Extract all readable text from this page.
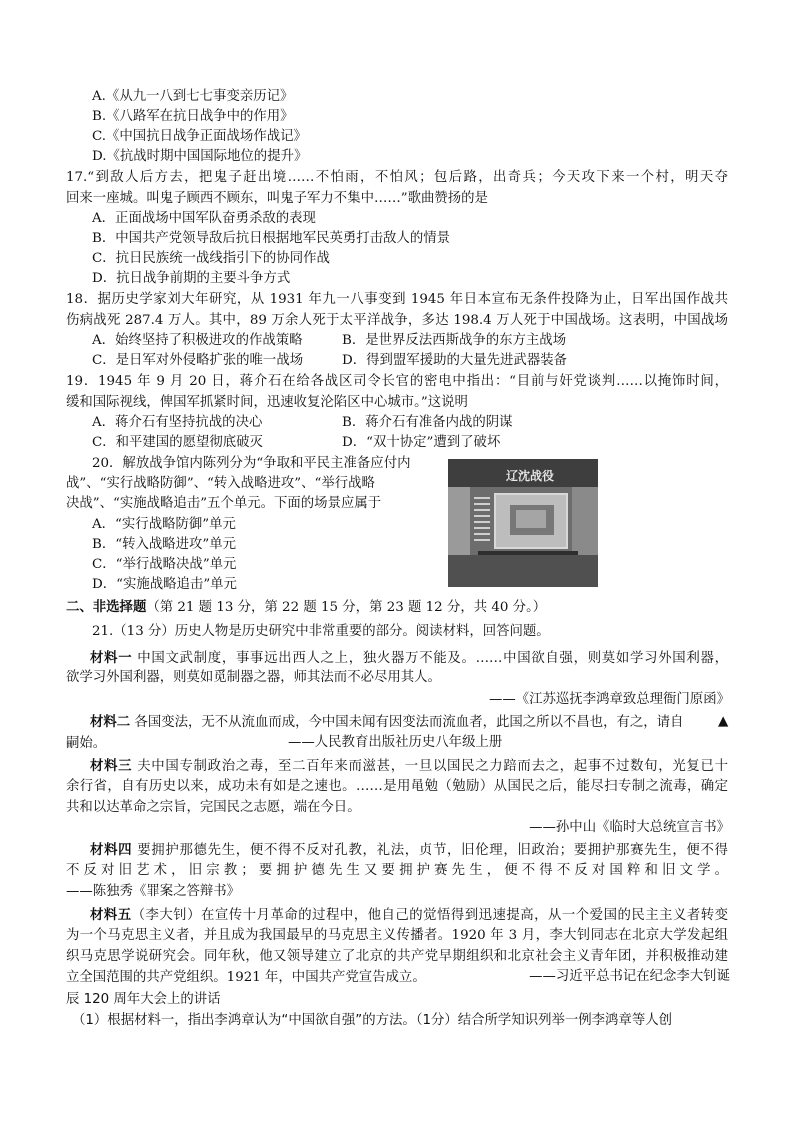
A.《从九一八到七七事变亲历记》
B.《八路军在抗日战争中的作用》
C.《中国抗日战争正面战场作战记》
D.《抗战时期中国国际地位的提升》
17.“到敌人后方去，把鬼子赶出境……不怕雨，不怕风；包后路，出奇兵；今天攻下来一个村，明天夺
回来一座城。叫鬼子顾西不顾东，叫鬼子军力不集中……”歌曲赞扬的是
A．正面战场中国军队奋勇杀敌的表现
B．中国共产党领导敌后抗日根据地军民英勇打击敌人的情景
C．抗日民族统一战线指引下的协同作战
D．抗日战争前期的主要斗争方式
18．据历史学家刘大年研究，从 1931 年九一八事变到 1945 年日本宣布无条件投降为止，日军出国作战共
伤病战死 287.4 万人。其中，89 万余人死于太平洋战争，多达 198.4 万人死于中国战场。这表明，中国战场
A．始终坚持了积极进攻的作战策略	B．是世界反法西斯战争的东方主战场
C．是日军对外侵略扩张的唯一战场	D．得到盟军援助的大量先进武器装备
19．1945 年 9 月 20 日，蒋介石在给各战区司令长官的密电中指出：“目前与奸党谈判……以掩饰时间，
缓和国际视线，俾国军抓紧时间，迅速收复沦陷区中心城市。”这说明
A．蒋介石有坚持抗战的决心	B．蒋介石有准备内战的阴谋
C．和平建国的愿望彻底破灭	D．“双十协定”遭到了破坏
20．解放战争馆内陈列分为“争取和平民主准备应付内
战”、“实行战略防御”、“转入战略进攻”、“举行战略
决战”、“实施战略追击”五个单元。下面的场景应属于
A．“实行战略防御”单元
B．“转入战略进攻”单元
C．“举行战略决战”单元
D．“实施战略追击”单元
辽沈战役
二、非选择题（第 21 题 13 分，第 22 题 15 分，第 23 题 12 分，共 40 分。）
21.（13 分）历史人物是历史研究中非常重要的部分。阅读材料，回答问题。
材料一 中国文武制度，事事远出西人之上，独火器万不能及。……中国欲自强，则莫如学习外国利器，
欲学习外国利器，则莫如觅制器之器，师其法而不必尽用其人。
——《江苏巡抚李鸿章致总理衙门原函》
材料二 各国变法，无不从流血而成，今中国未闻有因变法而流血者，此国之所以不昌也，有之，请自	▲
嗣始。	——人民教育出版社历史八年级上册
材料三 夫中国专制政治之毒，至二百年来而滋甚，一旦以国民之力踣而去之，起事不过数旬，光复已十
余行省，自有历史以来，成功未有如是之速也。……是用黾勉（勉励）从国民之后，能尽扫专制之流毒，确定
共和以达革命之宗旨，完国民之志愿，端在今日。
——孙中山《临时大总统宣言书》
材料四 要拥护那德先生，便不得不反对孔教，礼法，贞节，旧伦理，旧政治；要拥护那赛先生，便不得
不反对旧艺术，旧宗教；要拥护德先生又要拥护赛先生，便不得不反对国粹和旧文学。
——陈独秀《罪案之答辩书》
材料五（李大钊）在宣传十月革命的过程中，他自己的觉悟得到迅速提高，从一个爱国的民主主义者转变
为一个马克思主义者，并且成为我国最早的马克思主义传播者。1920 年 3 月，李大钊同志在北京大学发起组
织马克思学说研究会。同年秋，他又领导建立了北京的共产党早期组织和北京社会主义青年团，并积极推动建
立全国范围的共产党组织。1921 年，中国共产党宣告成立。	——习近平总书记在纪念李大钊诞
辰 120 周年大会上的讲话
（1）根据材料一，指出李鸿章认为“中国欲自强”的方法。（1分）结合所学知识列举一例李鸿章等人创
